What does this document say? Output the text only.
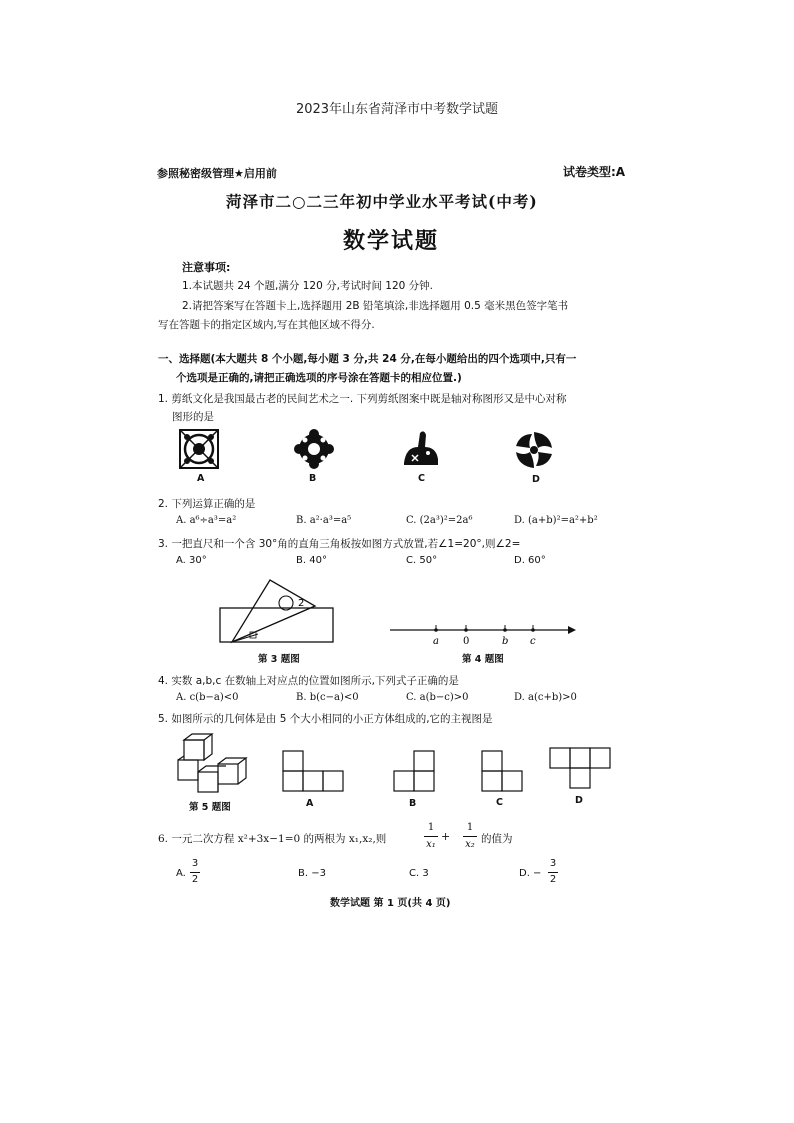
2023年山东省菏泽市中考数学试题
参照秘密级管理★启用前	试卷类型:A
菏泽市二○二三年初中学业水平考试(中考)
数学试题
注意事项:
1.本试题共 24 个题,满分 120 分,考试时间 120 分钟.
2.请把答案写在答题卡上,选择题用 2B 铅笔填涂,非选择题用 0.5 毫米黑色签字笔书
写在答题卡的指定区域内,写在其他区域不得分.
一、选择题(本大题共 8 个小题,每小题 3 分,共 24 分,在每小题给出的四个选项中,只有一
个选项是正确的,请把正确选项的序号涂在答题卡的相应位置.)
1. 剪纸文化是我国最古老的民间艺术之一. 下列剪纸图案中既是轴对称图形又是中心对称
图形的是
A	B	C	D
2. 下列运算正确的是
A. a⁶÷a³=a²	B. a²·a³=a⁵	C. (2a³)²=2a⁶	D. (a+b)²=a²+b²
3. 一把直尺和一个含 30°角的直角三角板按如图方式放置,若∠1=20°,则∠2=
A. 30°	B. 40°	C. 50°	D. 60°
2
第 3 题图
a 0	b c
第 4 题图
4. 实数 a,b,c 在数轴上对应点的位置如图所示,下列式子正确的是
A. c(b−a)<0	B. b(c−a)<0	C. a(b−c)>0	D. a(c+b)>0
5. 如图所示的几何体是由 5 个大小相同的小正方体组成的,它的主视图是
第 5 题图	A	B	C	D
6. 一元二次方程 x²+3x−1=0 的两根为 x₁,x₂,则
1
x₁
+
1
x₂ 的值为
A.
3
2
B. −3	C. 3	D. −
3
2
数学试题 第 1 页(共 4 页)
